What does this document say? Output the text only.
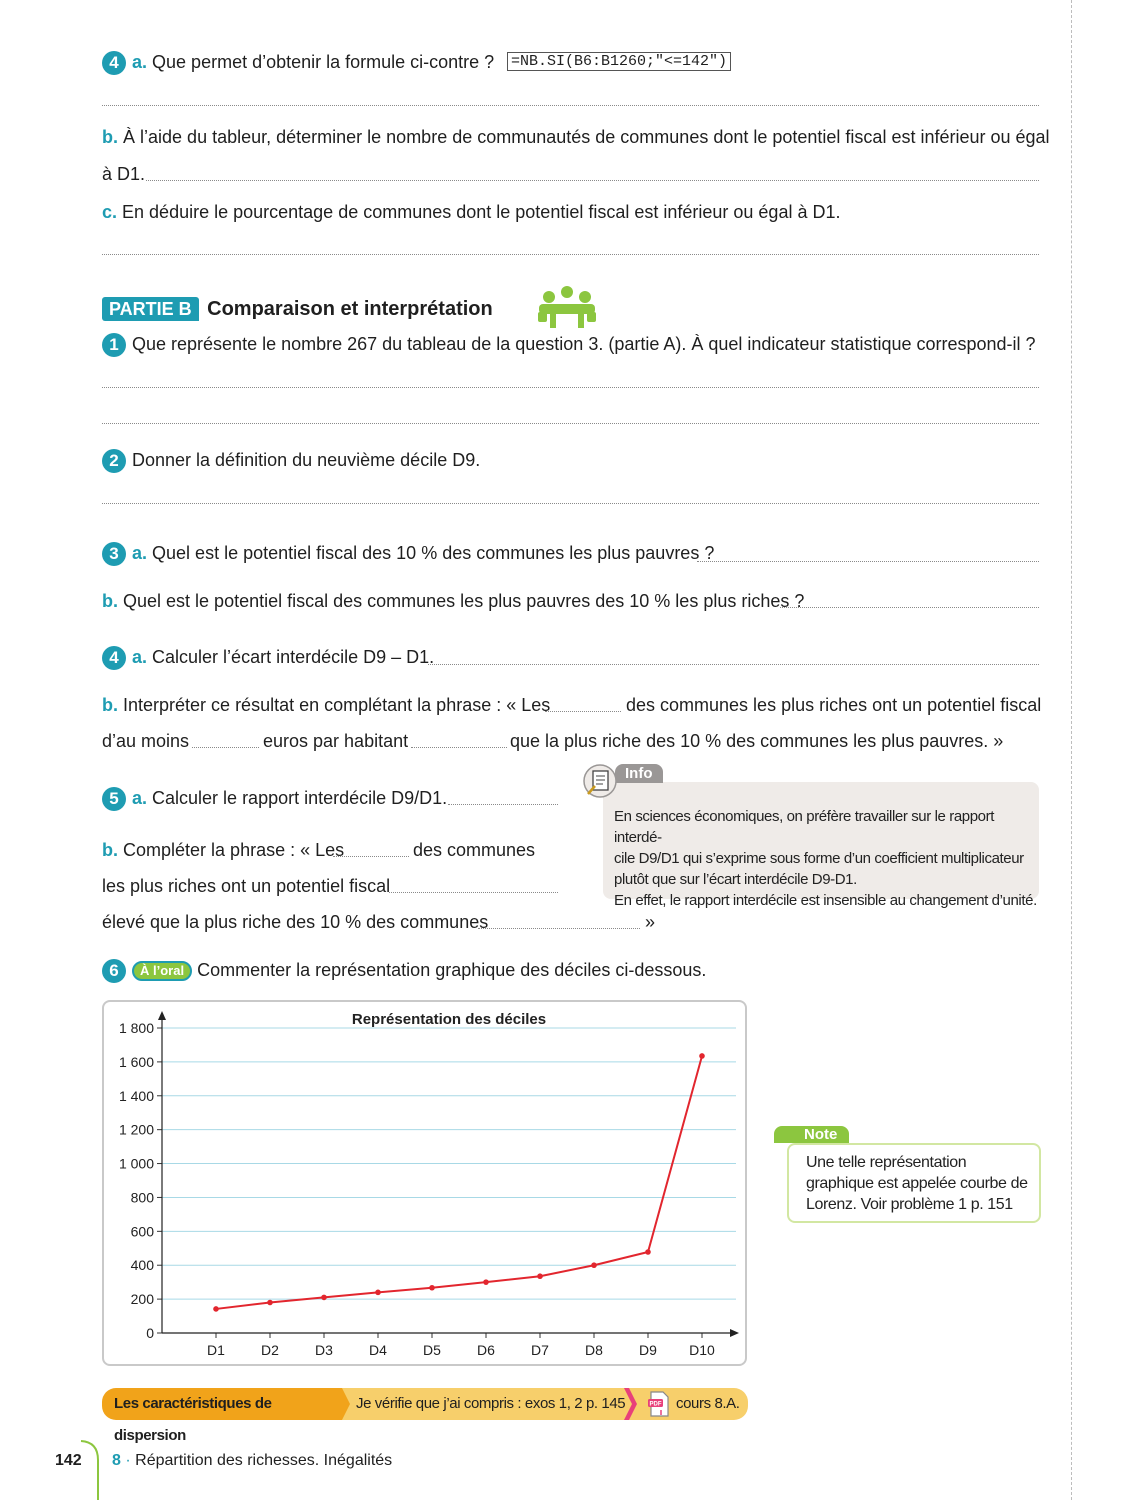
4 a. Que permet d’obtenir la formule ci-contre ? =NB.SI(B6:B1260;"<=142")
b. À l’aide du tableur, déterminer le nombre de communautés de communes dont le potentiel fiscal est inférieur ou égal
à D1.
c. En déduire le pourcentage de communes dont le potentiel fiscal est inférieur ou égal à D1.
PARTIE B Comparaison et interprétation
1 Que représente le nombre 267 du tableau de la question 3. (partie A). À quel indicateur statistique correspond-il ?
2 Donner la définition du neuvième décile D9.
3 a. Quel est le potentiel fiscal des 10 % des communes les plus pauvres ?
b. Quel est le potentiel fiscal des communes les plus pauvres des 10 % les plus riches ?
4 a. Calculer l’écart interdécile D9 – D1.
b. Interpréter ce résultat en complétant la phrase : « Les	des communes les plus riches ont un potentiel fiscal
d’au moins	euros par habitant	que la plus riche des 10 % des communes les plus pauvres. »
5 a. Calculer le rapport interdécile D9/D1.
b. Compléter la phrase : « Les	des communes
les plus riches ont un potentiel fiscal
élevé que la plus riche des 10 % des communes	»
En sciences économiques, on préfère travailler sur le rapport interdé-
cile D9/D1 qui s’exprime sous forme d’un coefficient multiplicateur
plutôt que sur l’écart interdécile D9-D1.
En effet, le rapport interdécile est insensible au changement d’unité.
Info
6 À l’oral Commenter la représentation graphique des déciles ci-dessous.
Représentation des déciles
0
200
400
600
800
1 000
1 200
1 400
1 600
1 800
D1	D2	D3	D4	D5	D6	D7	D8	D9 D10
Une telle représentation
graphique est appelée courbe de
Lorenz. Voir problème 1 p. 151
Note
Les caractéristiques de dispersion
Je vérifie que j’ai compris : exos 1, 2 p. 145	PDF cours 8.A.
142 8 · Répartition des richesses. Inégalités
